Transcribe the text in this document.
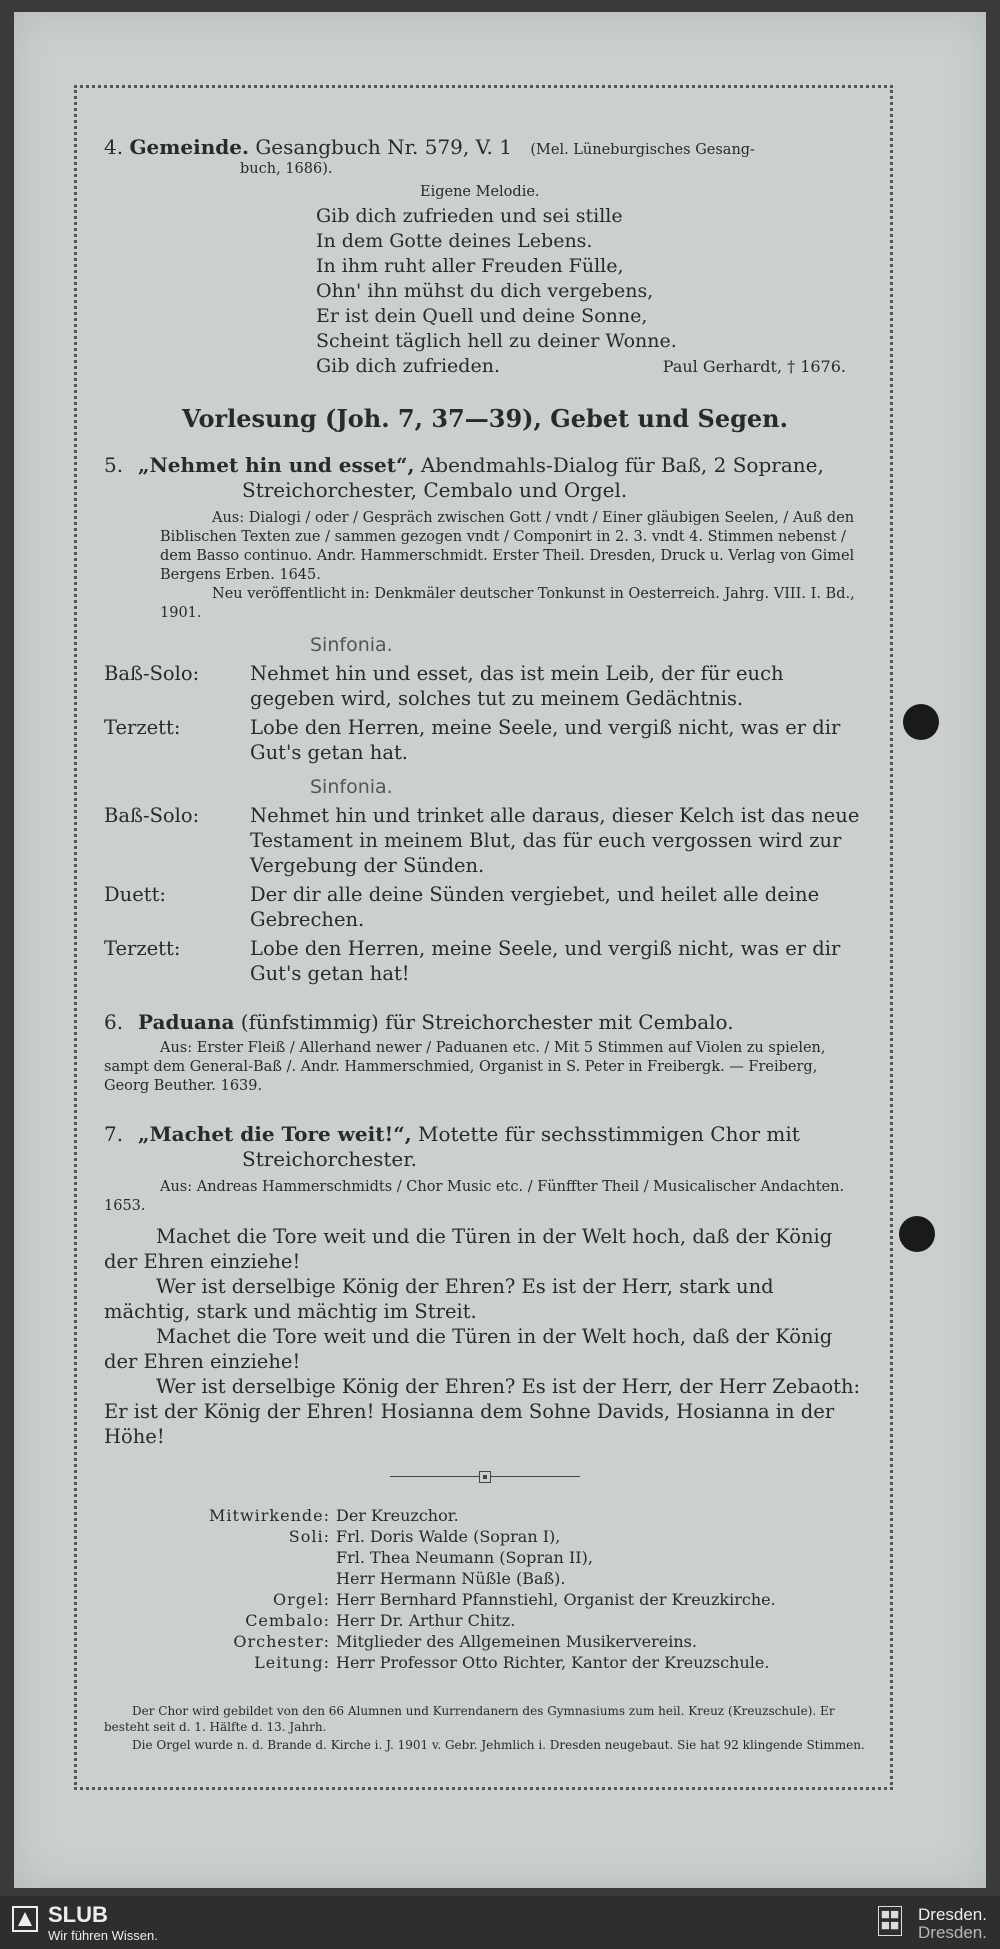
4. Gemeinde. Gesangbuch Nr. 579, V. 1 (Mel. Lüneburgisches Gesang-

buch, 1686).
Eigene Melodie.
Gib dich zufrieden und sei stille
In dem Gotte deines Lebens.
In ihm ruht aller Freuden Fülle,
Ohn' ihn mühst du dich vergebens,
Er ist dein Quell und deine Sonne,
Scheint täglich hell zu deiner Wonne.
Gib dich zufrieden.	Paul Gerhardt, † 1676.
Vorlesung (Joh. 7, 37—39), Gebet und Segen.

5. „Nehmet hin und esset“, Abendmahls-Dialog für Baß, 2 Soprane,

Streichorchester, Cembalo und Orgel.
Aus: Dialogi / oder / Gespräch zwischen Gott / vndt / Einer gläubigen Seelen, / Auß den Biblischen Texten zue / sammen gezogen vndt / Componirt in 2. 3. vndt 4. Stimmen nebenst / dem Basso continuo. Andr. Hammerschmidt. Erster Theil. Dresden, Druck u. Verlag von Gimel Bergens Erben. 1645.
Neu veröffentlicht in: Denkmäler deutscher Tonkunst in Oesterreich. Jahrg. VIII. I. Bd., 1901.
Sinfonia.
Baß-Solo:	Nehmet hin und esset, das ist mein Leib, der für euch gegeben wird, solches tut zu meinem Gedächtnis.
Terzett:	Lobe den Herren, meine Seele, und vergiß nicht, was er dir Gut's getan hat.
Sinfonia.
Baß-Solo:	Nehmet hin und trinket alle daraus, dieser Kelch ist das neue Testament in meinem Blut, das für euch vergossen wird zur Vergebung der Sünden.
Duett:	Der dir alle deine Sünden vergiebet, und heilet alle deine Gebrechen.
Terzett:	Lobe den Herren, meine Seele, und vergiß nicht, was er dir Gut's getan hat!

6. Paduana (fünfstimmig) für Streichorchester mit Cembalo.

Aus: Erster Fleiß / Allerhand newer / Paduanen etc. / Mit 5 Stimmen auf Violen zu spielen, sampt dem General-Baß /. Andr. Hammerschmied, Organist in S. Peter in Freibergk. — Freiberg, Georg Beuther. 1639.

7. „Machet die Tore weit!“, Motette für sechsstimmigen Chor mit

Streichorchester.
Aus: Andreas Hammerschmidts / Chor Music etc. / Fünffter Theil / Musicalischer Andachten. 1653.

Machet die Tore weit und die Türen in der Welt hoch, daß der König der Ehren einziehe!

Wer ist derselbige König der Ehren? Es ist der Herr, stark und mächtig, stark und mächtig im Streit.

Machet die Tore weit und die Türen in der Welt hoch, daß der König der Ehren einziehe!

Wer ist derselbige König der Ehren? Es ist der Herr, der Herr Zebaoth: Er ist der König der Ehren! Hosianna dem Sohne Davids, Hosianna in der Höhe!

Mitwirkende: Der Kreuzchor.
Soli: Frl. Doris Walde (Sopran I),
Frl. Thea Neumann (Sopran II),
Herr Hermann Nüßle (Baß).
Orgel: Herr Bernhard Pfannstiehl, Organist der Kreuzkirche.
Cembalo: Herr Dr. Arthur Chitz.
Orchester: Mitglieder des Allgemeinen Musikervereins.
Leitung: Herr Professor Otto Richter, Kantor der Kreuzschule.
Der Chor wird gebildet von den 66 Alumnen und Kurrendanern des Gymnasiums zum heil. Kreuz (Kreuzschule). Er besteht seit d. 1. Hälfte d. 13. Jahrh.
Die Orgel wurde n. d. Brande d. Kirche i. J. 1901 v. Gebr. Jehmlich i. Dresden neugebaut. Sie hat 92 klingende Stimmen.
SLUB
Wir führen Wissen.
Dresden.
Dresden.
